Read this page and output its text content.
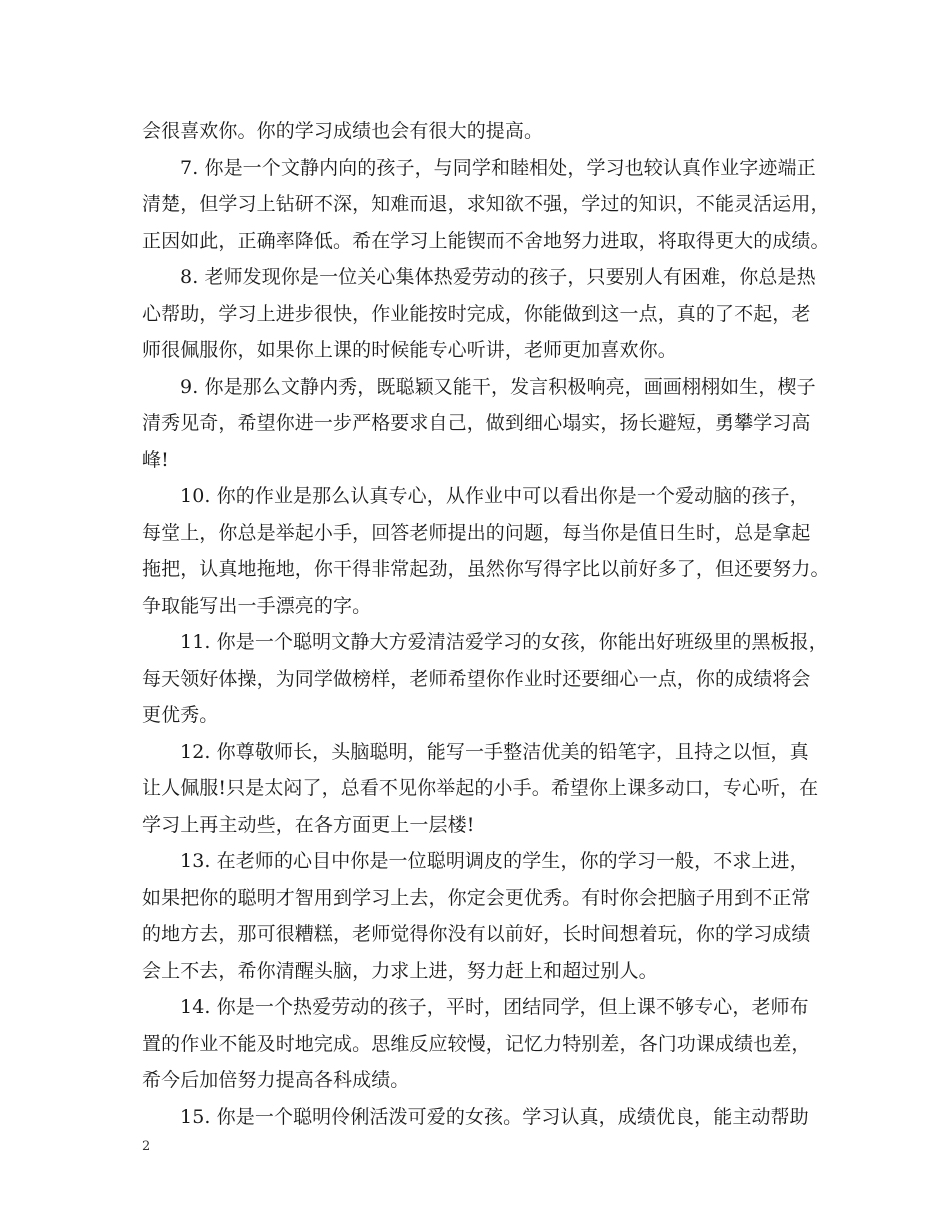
会很喜欢你。你的学习成绩也会有很大的提高。
7. 你是一个文静内向的孩子，与同学和睦相处，学习也较认真作业字迹端正
清楚，但学习上钻研不深，知难而退，求知欲不强，学过的知识，不能灵活运用，
正因如此，正确率降低。希在学习上能锲而不舍地努力进取，将取得更大的成绩。
8. 老师发现你是一位关心集体热爱劳动的孩子，只要别人有困难，你总是热
心帮助，学习上进步很快，作业能按时完成，你能做到这一点，真的了不起，老
师很佩服你，如果你上课的时候能专心听讲，老师更加喜欢你。
9. 你是那么文静内秀，既聪颖又能干，发言积极响亮，画画栩栩如生，楔子
清秀见奇，希望你进一步严格要求自己，做到细心塌实，扬长避短，勇攀学习高
峰!
10. 你的作业是那么认真专心，从作业中可以看出你是一个爱动脑的孩子，
每堂上，你总是举起小手，回答老师提出的问题，每当你是值日生时，总是拿起
拖把，认真地拖地，你干得非常起劲，虽然你写得字比以前好多了，但还要努力。
争取能写出一手漂亮的字。
11. 你是一个聪明文静大方爱清洁爱学习的女孩，你能出好班级里的黑板报，
每天领好体操，为同学做榜样，老师希望你作业时还要细心一点，你的成绩将会
更优秀。
12. 你尊敬师长，头脑聪明，能写一手整洁优美的铅笔字，且持之以恒，真
让人佩服!只是太闷了，总看不见你举起的小手。希望你上课多动口，专心听，在
学习上再主动些，在各方面更上一层楼!
13. 在老师的心目中你是一位聪明调皮的学生，你的学习一般，不求上进，
如果把你的聪明才智用到学习上去，你定会更优秀。有时你会把脑子用到不正常
的地方去，那可很糟糕，老师觉得你没有以前好，长时间想着玩，你的学习成绩
会上不去，希你清醒头脑，力求上进，努力赶上和超过别人。
14. 你是一个热爱劳动的孩子，平时，团结同学，但上课不够专心，老师布
置的作业不能及时地完成。思维反应较慢，记忆力特别差，各门功课成绩也差，
希今后加倍努力提高各科成绩。
15. 你是一个聪明伶俐活泼可爱的女孩。学习认真，成绩优良，能主动帮助
2
